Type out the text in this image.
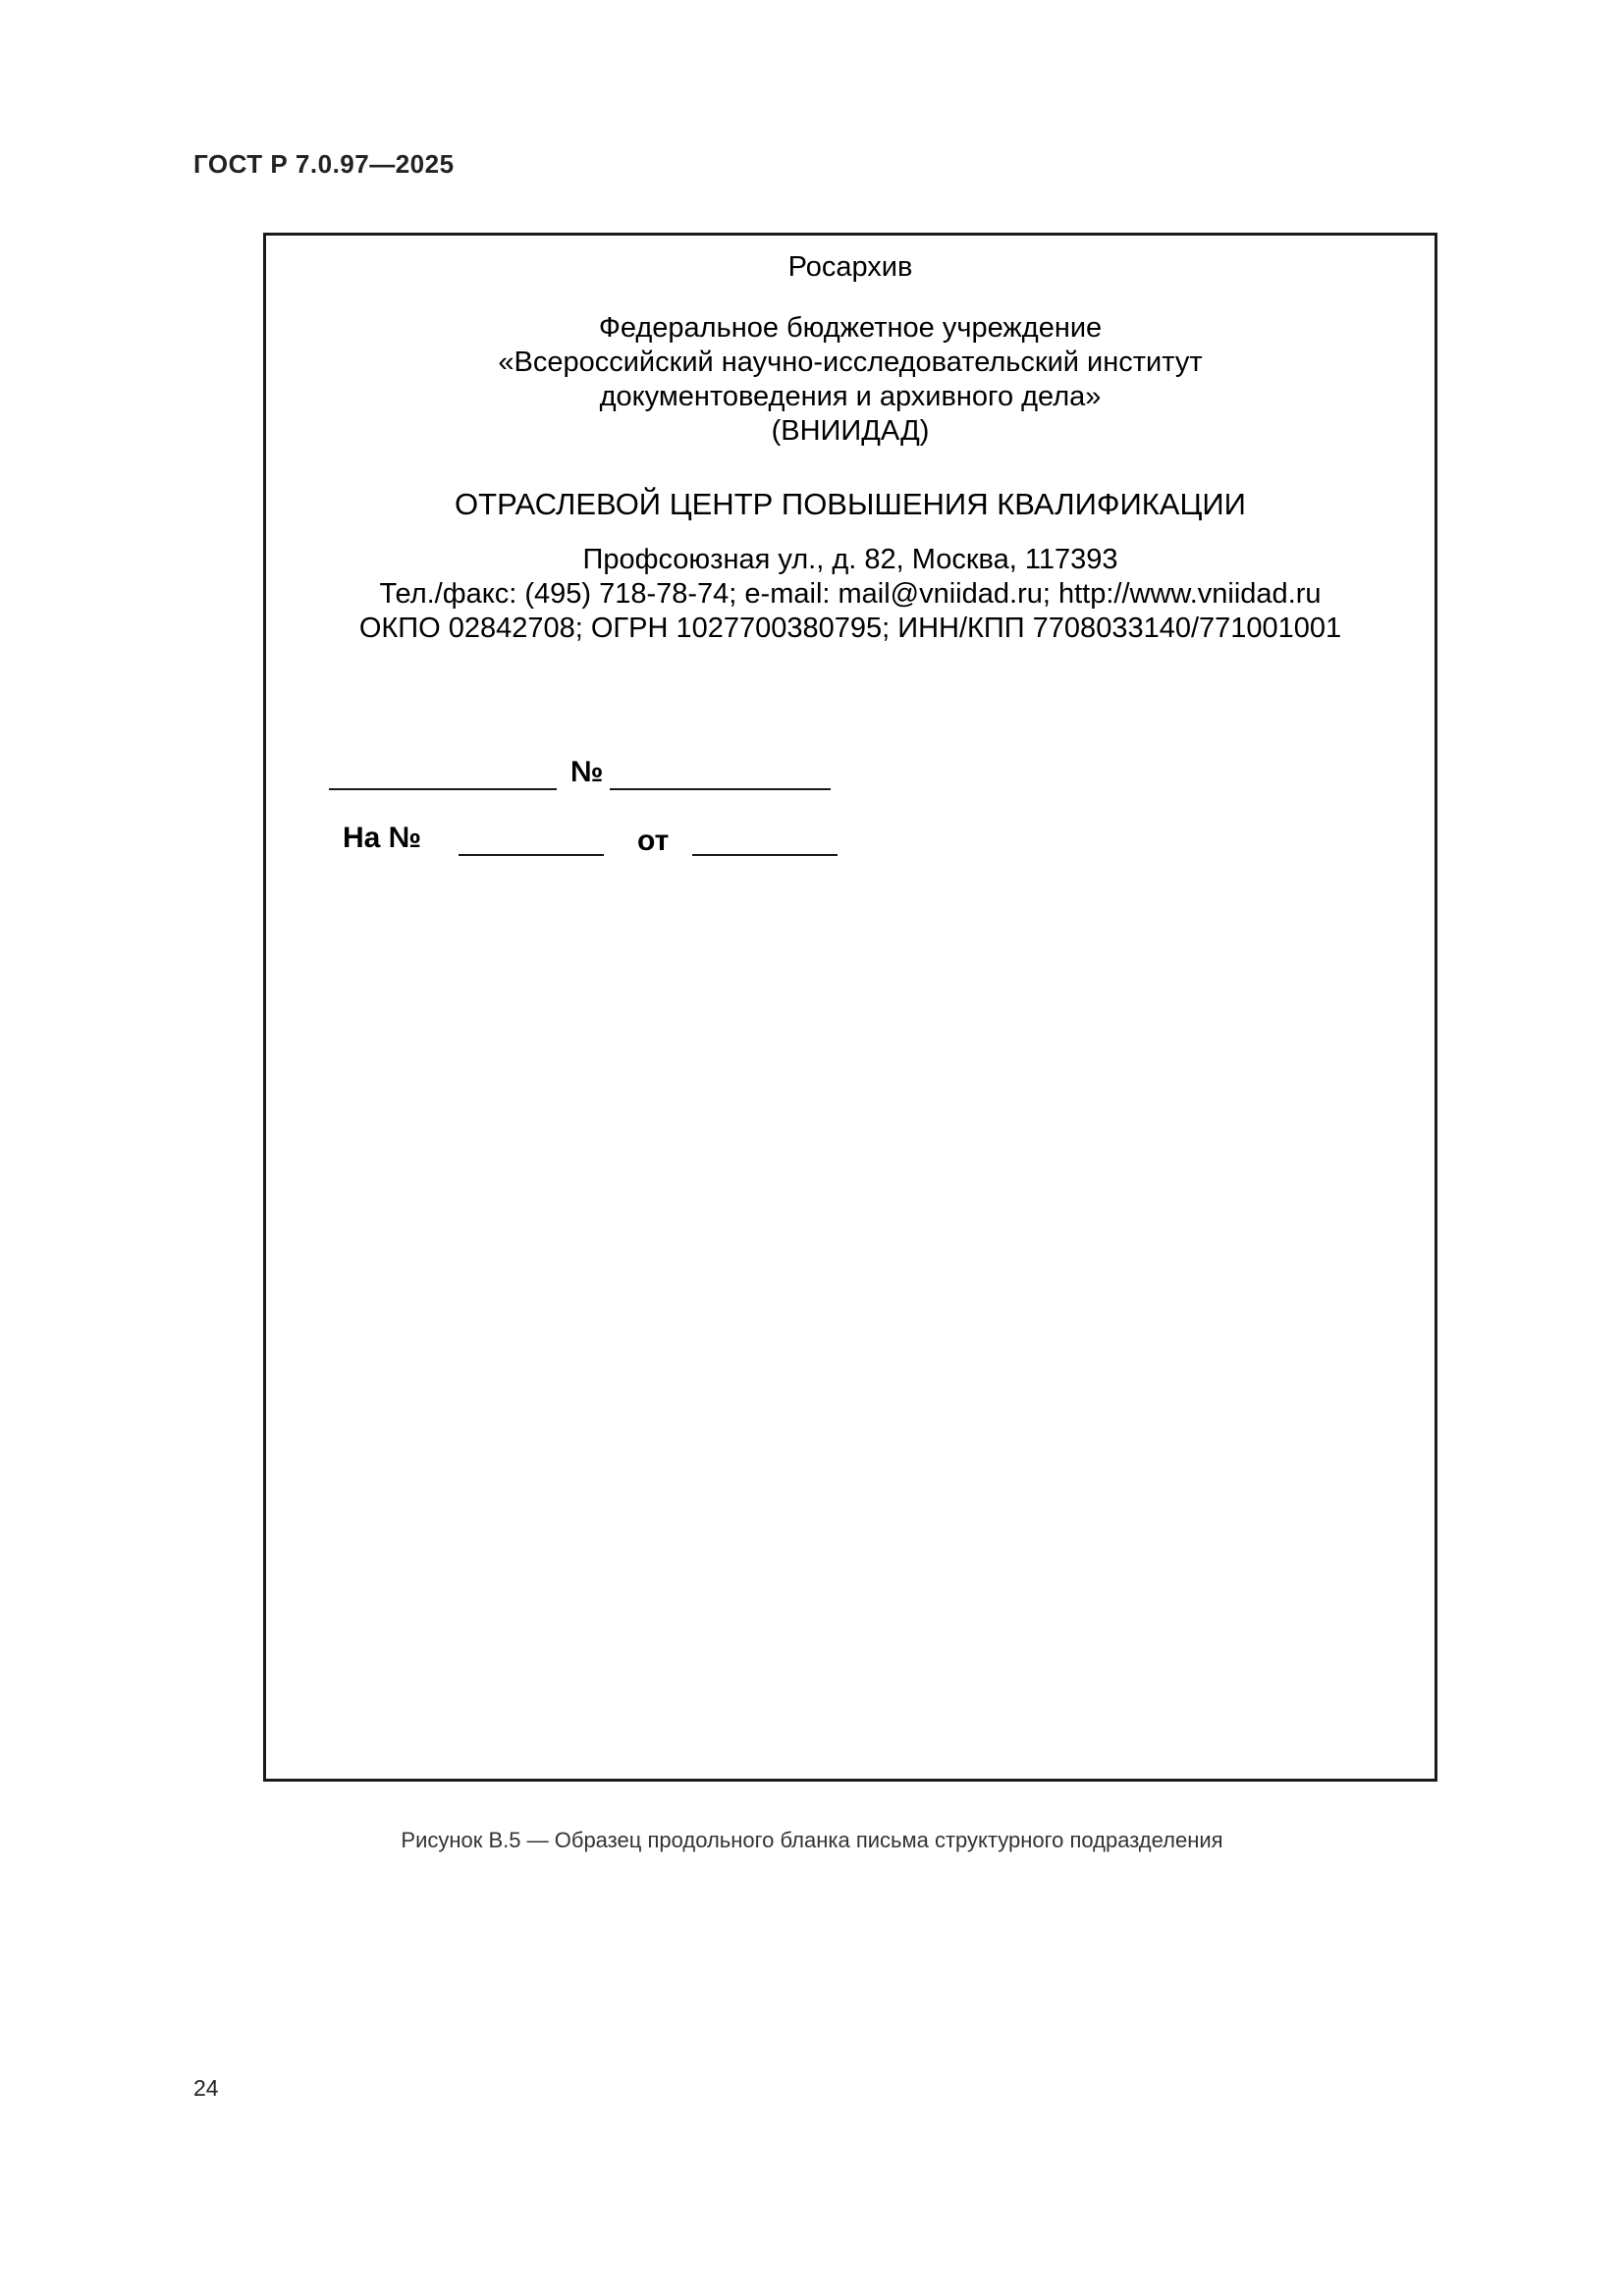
ГОСТ Р 7.0.97—2025
Росархив
Федеральное бюджетное учреждение
«Всероссийский научно-исследовательский институт
документоведения и архивного дела»
(ВНИИДАД)
ОТРАСЛЕВОЙ ЦЕНТР ПОВЫШЕНИЯ КВАЛИФИКАЦИИ
Профсоюзная ул., д. 82, Москва, 117393
Тел./факс: (495) 718-78-74; e-mail: mail@vniidad.ru; http://www.vniidad.ru
ОКПО 02842708; ОГРН 1027700380795; ИНН/КПП 7708033140/771001001
№
На №	от
Рисунок В.5 — Образец продольного бланка письма структурного подразделения
24
